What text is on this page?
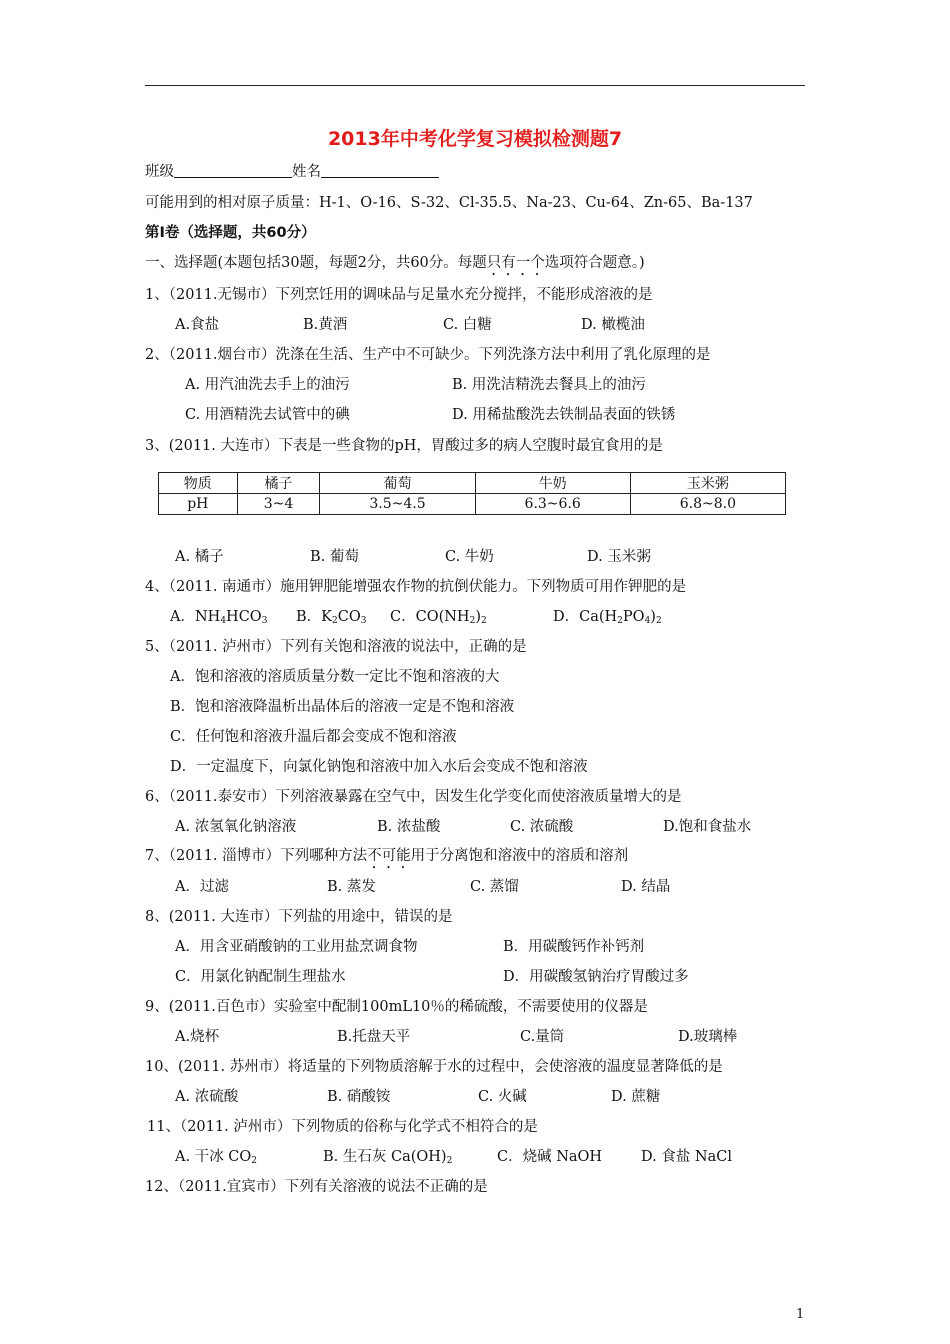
2013年中考化学复习模拟检测题7
班级	姓名
可能用到的相对原子质量：H-1、O-16、S-32、Cl-35.5、Na-23、Cu-64、Zn-65、Ba-137
第Ⅰ卷（选择题，共60分）
一、选择题(本题包括30题，每题2分，共60分。每题只有一个选项符合题意。)
1、（2011.无锡市）下列烹饪用的调味品与足量水充分搅拌，不能形成溶液的是
A.食盐	B.黄酒	C. 白糖	D. 橄榄油
2、（2011.烟台市）洗涤在生活、生产中不可缺少。下列洗涤方法中利用了乳化原理的是
A. 用汽油洗去手上的油污	B. 用洗洁精洗去餐具上的油污
C. 用酒精洗去试管中的碘	D. 用稀盐酸洗去铁制品表面的铁锈
3、(2011. 大连市）下表是一些食物的pH，胃酸过多的病人空腹时最宜食用的是
物质	橘子	葡萄	牛奶	玉米粥
pH	3~4	3.5~4.5	6.3~6.6	6.8~8.0
A. 橘子	B. 葡萄	C. 牛奶	D. 玉米粥
4、（2011. 南通市）施用钾肥能增强农作物的抗倒伏能力。下列物质可用作钾肥的是
A．$NH_4HCO_3$ B．$K_2CO_3$ C．$CO(NH_2)_2$	D．$Ca(H_2PO_4)_2$
5、（2011. 泸州市）下列有关饱和溶液的说法中，正确的是
A．饱和溶液的溶质质量分数一定比不饱和溶液的大
B．饱和溶液降温析出晶体后的溶液一定是不饱和溶液
C．任何饱和溶液升温后都会变成不饱和溶液
D．一定温度下，向氯化钠饱和溶液中加入水后会变成不饱和溶液
6、（2011.泰安市）下列溶液暴露在空气中，因发生化学变化而使溶液质量增大的是
A. 浓氢氧化钠溶液	B. 浓盐酸	C. 浓硫酸	D.饱和食盐水
7、（2011. 淄博市）下列哪种方法不可能用于分离饱和溶液中的溶质和溶剂
A．过滤	B. 蒸发	C. 蒸馏	D. 结晶
8、(2011. 大连市）下列盐的用途中，错误的是
A．用含亚硝酸钠的工业用盐烹调食物	B．用碳酸钙作补钙剂
C．用氯化钠配制生理盐水	D．用碳酸氢钠治疗胃酸过多
9、(2011.百色市）实验室中配制100mL10％的稀硫酸，不需要使用的仪器是
A.烧杯	B.托盘天平	C.量筒	D.玻璃棒
10、(2011. 苏州市）将适量的下列物质溶解于水的过程中，会使溶液的温度显著降低的是
A. 浓硫酸	B. 硝酸铵	C. 火碱	D. 蔗糖
11、（2011. 泸州市）下列物质的俗称与化学式不相符合的是
A. 干冰 $CO_2$	B. 生石灰 $Ca(OH)_2$	C．烧碱 NaOH	D. 食盐 NaCl
12、（2011.宜宾市）下列有关溶液的说法不正确的是
1
